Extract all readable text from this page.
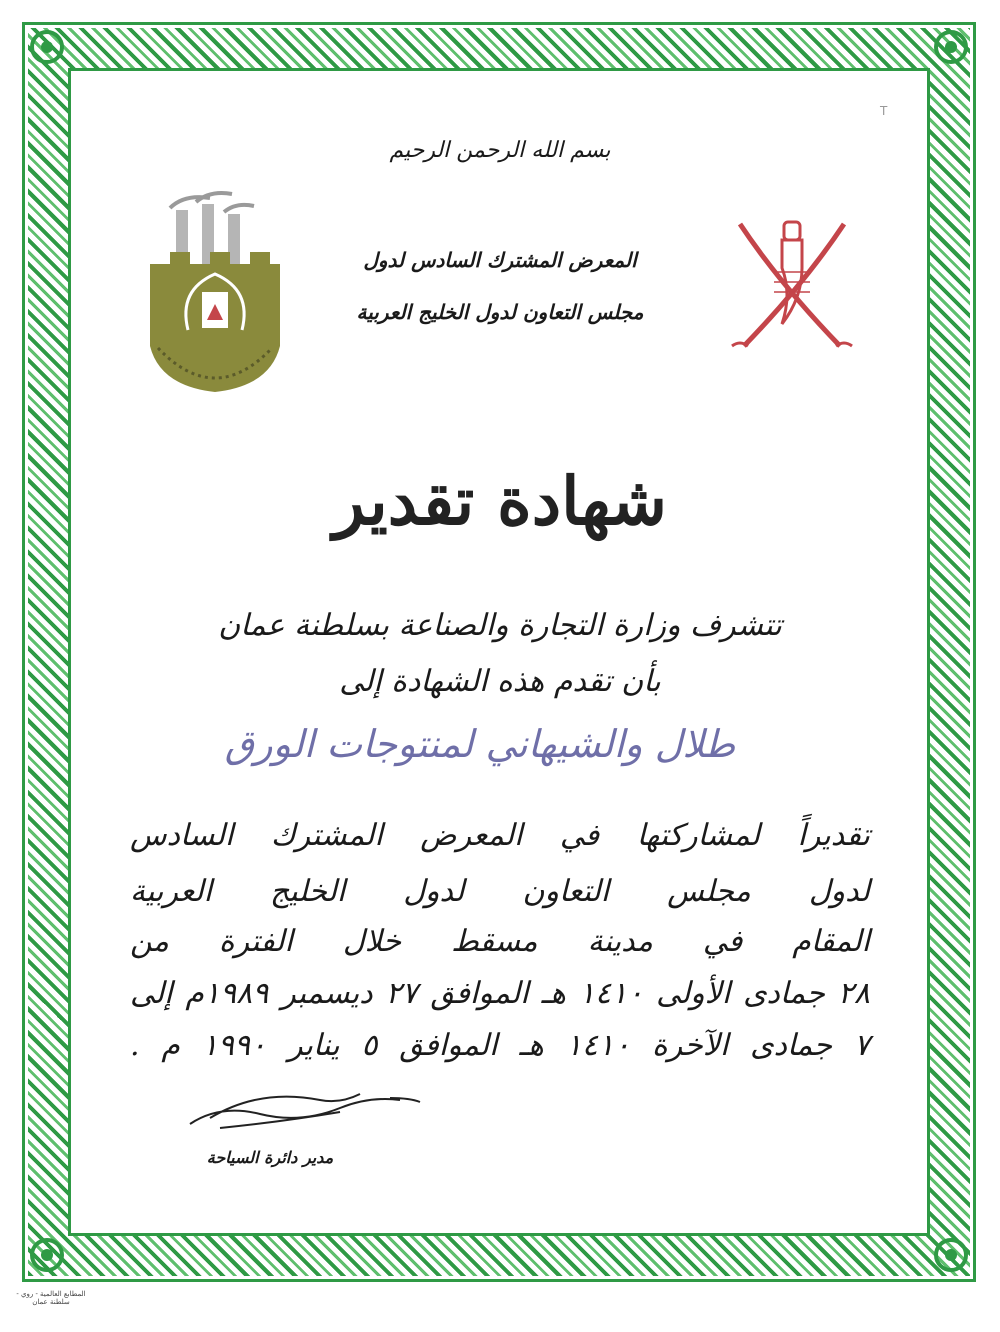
T
بسم الله الرحمن الرحيم
المعرض المشترك السادس لدول
مجلس التعاون لدول الخليج العربية
شهادة تقدير
تتشرف وزارة التجارة والصناعة بسلطنة عمان
بأن تقدم هذه الشهادة إلى
طلال والشيهاني لمنتوجات الورق
تقديراً لمشاركتها في المعرض المشترك السادس
لدول مجلس التعاون لدول الخليج العربية
المقام في مدينة مسقط خلال الفترة من
٢٨ جمادى الأولى ١٤١٠ هـ الموافق ٢٧ ديسمبر ١٩٨٩م إلى
٧ جمادى الآخرة ١٤١٠ هـ الموافق ٥ يناير ١٩٩٠ م .
مدير دائرة السياحة
المطابع العالمية - روي - سلطنة عمان
